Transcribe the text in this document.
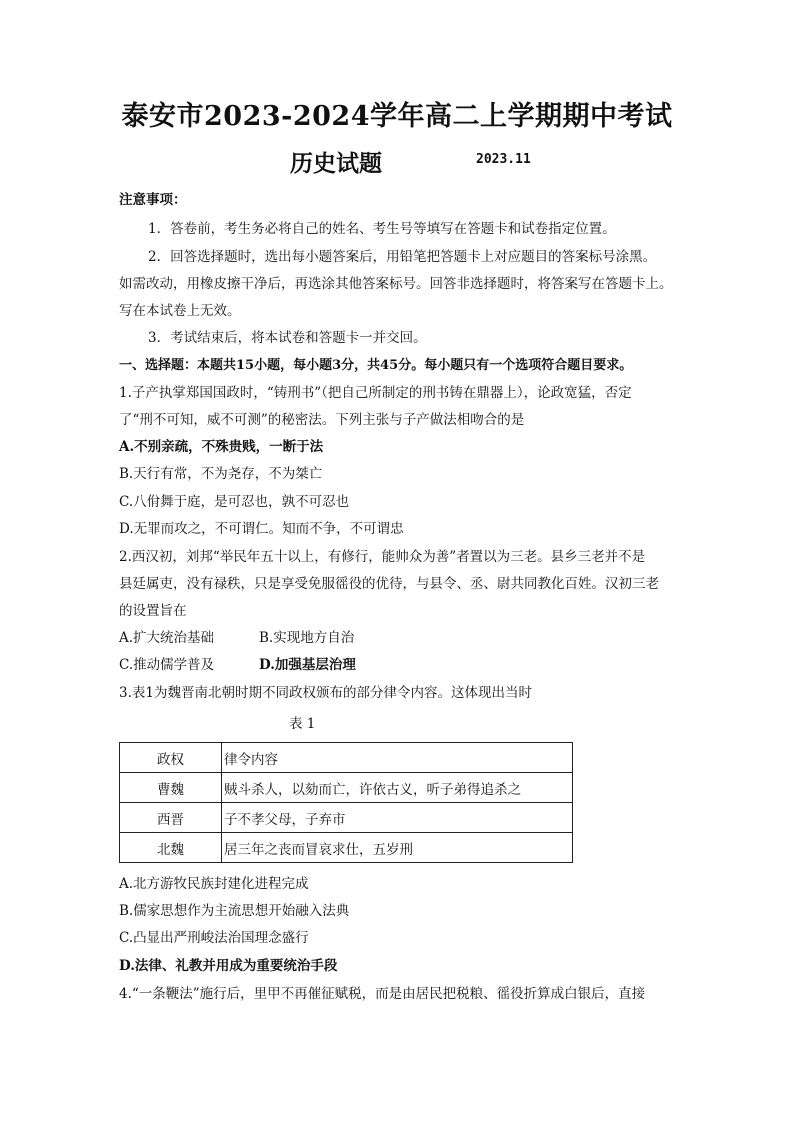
泰安市2023-2024学年高二上学期期中考试
历史试题	2023.11
注意事项：
1．答卷前，考生务必将自己的姓名、考生号等填写在答题卡和试卷指定位置。
2．回答选择题时，选出每小题答案后，用铅笔把答题卡上对应题目的答案标号涂黑。
如需改动，用橡皮擦干净后，再选涂其他答案标号。回答非选择题时，将答案写在答题卡上。
写在本试卷上无效。
3．考试结束后，将本试卷和答题卡一并交回。
一、选择题：本题共15小题，每小题3分，共45分。每小题只有一个选项符合题目要求。
1.子产执掌郑国国政时，“铸刑书”（把自己所制定的刑书铸在鼎器上），论政宽猛，否定
了“刑不可知，威不可测”的秘密法。下列主张与子产做法相吻合的是
A.不别亲疏，不殊贵贱，一断于法
B.天行有常，不为尧存，不为桀亡
C.八佾舞于庭，是可忍也，孰不可忍也
D.无罪而攻之，不可谓仁。知而不争，不可谓忠
2.西汉初，刘邦“举民年五十以上，有修行，能帅众为善”者置以为三老。县乡三老并不是
县廷属吏，没有禄秩，只是享受免服徭役的优待，与县令、丞、尉共同教化百姓。汉初三老
的设置旨在
A.扩大统治基础	B.实现地方自治
C.推动儒学普及	D.加强基层治理
3.表1为魏晋南北朝时期不同政权颁布的部分律令内容。这体现出当时
表 1
政权	律令内容
曹魏	贼斗杀人，以劾而亡，许依古义，听子弟得追杀之
西晋	子不孝父母，子弃市
北魏	居三年之丧而冒哀求仕，五岁刑
A.北方游牧民族封建化进程完成
B.儒家思想作为主流思想开始融入法典
C.凸显出严刑峻法治国理念盛行
D.法律、礼教并用成为重要统治手段
4.“一条鞭法”施行后，里甲不再催征赋税，而是由居民把税粮、徭役折算成白银后，直接
